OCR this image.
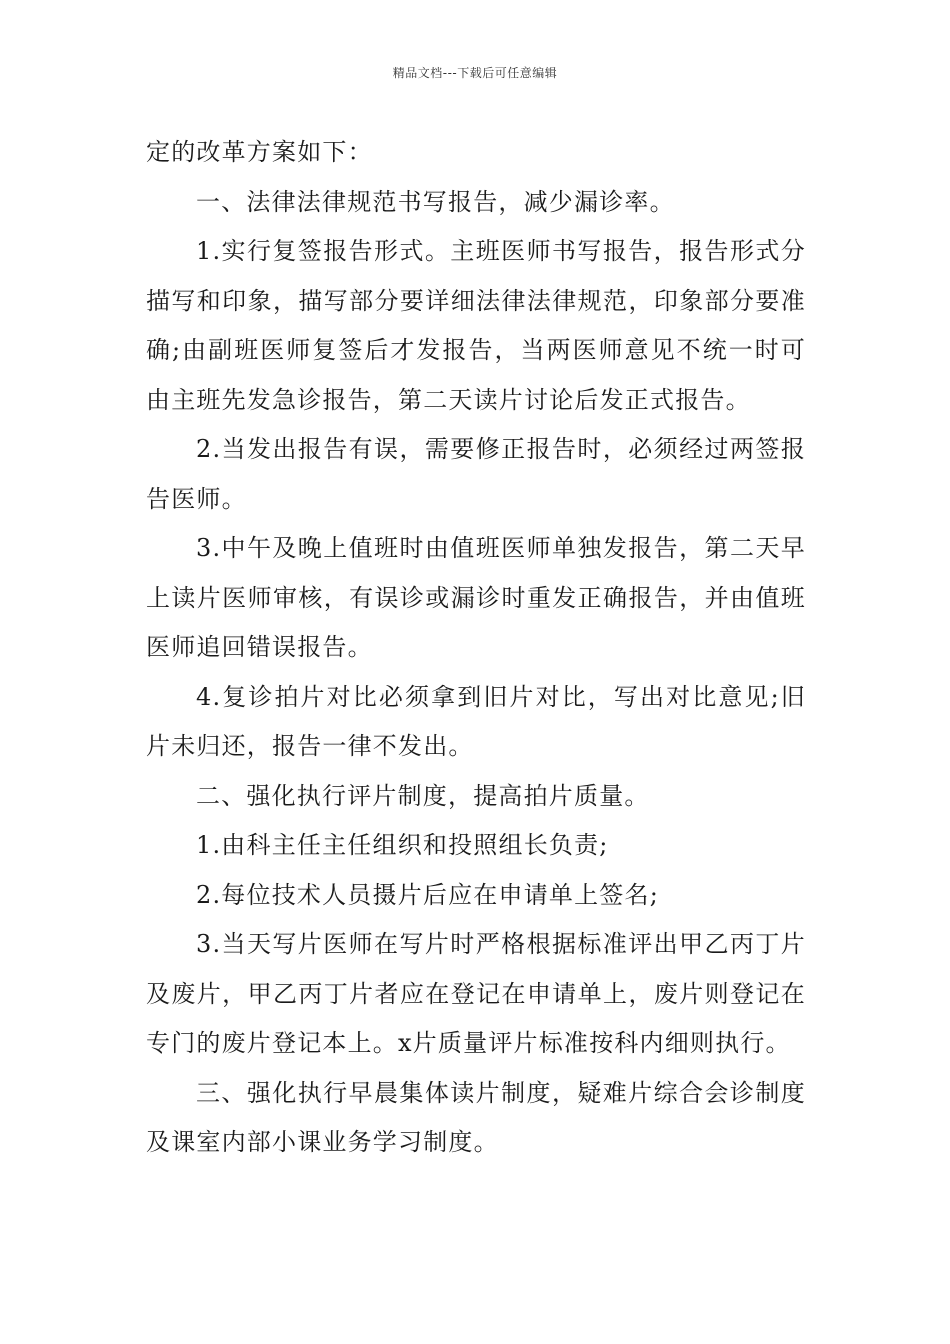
精品文档---下载后可任意编辑

定的改革方案如下：

一、法律法律规范书写报告，减少漏诊率。

1.实行复签报告形式。主班医师书写报告，报告形式分描写和印象，描写部分要详细法律法律规范，印象部分要准确;由副班医师复签后才发报告，当两医师意见不统一时可由主班先发急诊报告，第二天读片讨论后发正式报告。

2.当发出报告有误，需要修正报告时，必须经过两签报告医师。

3.中午及晚上值班时由值班医师单独发报告，第二天早上读片医师审核，有误诊或漏诊时重发正确报告，并由值班医师追回错误报告。

4.复诊拍片对比必须拿到旧片对比，写出对比意见;旧片未归还，报告一律不发出。

二、强化执行评片制度，提高拍片质量。

1.由科主任主任组织和投照组长负责;

2.每位技术人员摄片后应在申请单上签名;

3.当天写片医师在写片时严格根据标准评出甲乙丙丁片及废片，甲乙丙丁片者应在登记在申请单上，废片则登记在专门的废片登记本上。x片质量评片标准按科内细则执行。

三、强化执行早晨集体读片制度，疑难片综合会诊制度及课室内部小课业务学习制度。
